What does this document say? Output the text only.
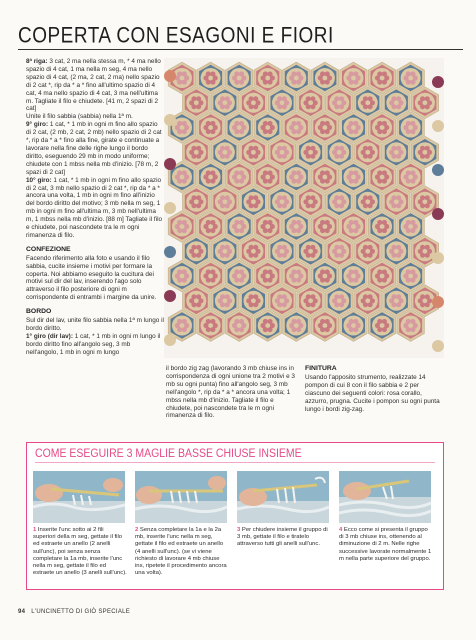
COPERTA CON ESAGONI E FIORI

8ª riga: 3 cat, 2 ma nella stessa m, * 4 ma nello spazio di 4 cat, 1 ma nella m seg, 4 ma nello spazio di 4 cat, (2 ma, 2 cat, 2 ma) nello spazio di 2 cat *, rip da * a * fino all'ultimo spazio di 4 cat, 4 ma nello spazio di 4 cat, 3 ma nell'ultima m. Tagliate il filo e chiudete. [41 m, 2 spazi di 2 cat]

Unite il filo sabbia (sabbia) nella 1ª m.

9° giro: 1 cat, * 1 mb in ogni m fino allo spazio di 2 cat, (2 mb, 2 cat, 2 mb) nello spazio di 2 cat *, rip da * a * fino alla fine, girate e continuate a lavorare nella fine delle righe lungo il bordo diritto, eseguendo 29 mb in modo uniforme; chiudete con 1 mbss nella mb d'inizio. [78 m, 2 spazi di 2 cat]

10° giro: 1 cat, * 1 mb in ogni m fino allo spazio di 2 cat, 3 mb nello spazio di 2 cat *, rip da * a * ancora una volta, 1 mb in ogni m fino all'inizio del bordo diritto del motivo; 3 mb nella m seg, 1 mb in ogni m fino all'ultima m, 3 mb nell'ultima m, 1 mbss nella mb d'inizio. [88 m] Tagliate il filo e chiudete, poi nascondete tra le m ogni rimanenza di filo.

CONFEZIONE

Facendo riferimento alla foto e usando il filo sabbia, cucite insieme i motivi per formare la coperta. Noi abbiamo eseguito la cucitura dei motivi sul dir del lav, inserendo l'ago solo attraverso il filo posteriore di ogni m corrispondente di entrambi i margine da unire.

BORDO

Sul dir del lav, unite filo sabbia nella 1ª m lungo il bordo diritto.

1° giro (dir lav): 1 cat, * 1 mb in ogni m lungo il bordo diritto fino all'angolo seg, 3 mb nell'angolo, 1 mb in ogni m lungo

il bordo zig zag (lavorando 3 mb chiuse ins in corrispondenza di ogni unione tra 2 motivi e 3 mb su ogni punta) fino all'angolo seg, 3 mb nell'angolo *, rip da * a * ancora una volta; 1 mbss nella mb d'inizio. Tagliate il filo e chiudete, poi nascondete tra le m ogni rimanenza di filo.

FINITURA

Usando l'apposito strumento, realizzate 14 pompon di cui 8 con il filo sabbia e 2 per ciascuno dei seguenti colori: rosa corallo, azzurro, prugna. Cucite i pompon su ogni punta lungo i bordi zig-zag.

COME ESEGUIRE 3 MAGLIE BASSE CHIUSE INSIEME
1 Inserite l'unc sotto ai 2 fili superiori della m seg, gettate il filo ed estraete un anello (2 anelli sull'unc), poi senza senza completare la 1a mb, inserite l'unc nella m seg, gettate il filo ed estraete un anello (3 anelli sull'unc).
2 Senza completare la 1a e la 2a mb, inserite l'unc nella m seg, gettate il filo ed estraete un anello (4 anelli sull'unc). (se vi viene richiesto di lavorare 4 mb chiuse ins, ripetete il procedimento ancora una volta).
3 Per chiudere insieme il gruppo di 3 mb, gettate il filo e tiratelo attraverso tutti gli anelli sull'unc.
4 Ecco come si presenta il gruppo di 3 mb chiuse ins, ottenendo al diminuzione di 2 m. Nelle righe successive lavorate normalmente 1 m nella parte superiore del gruppo.
94 L'UNCINETTO DI GIÒ SPECIALE
